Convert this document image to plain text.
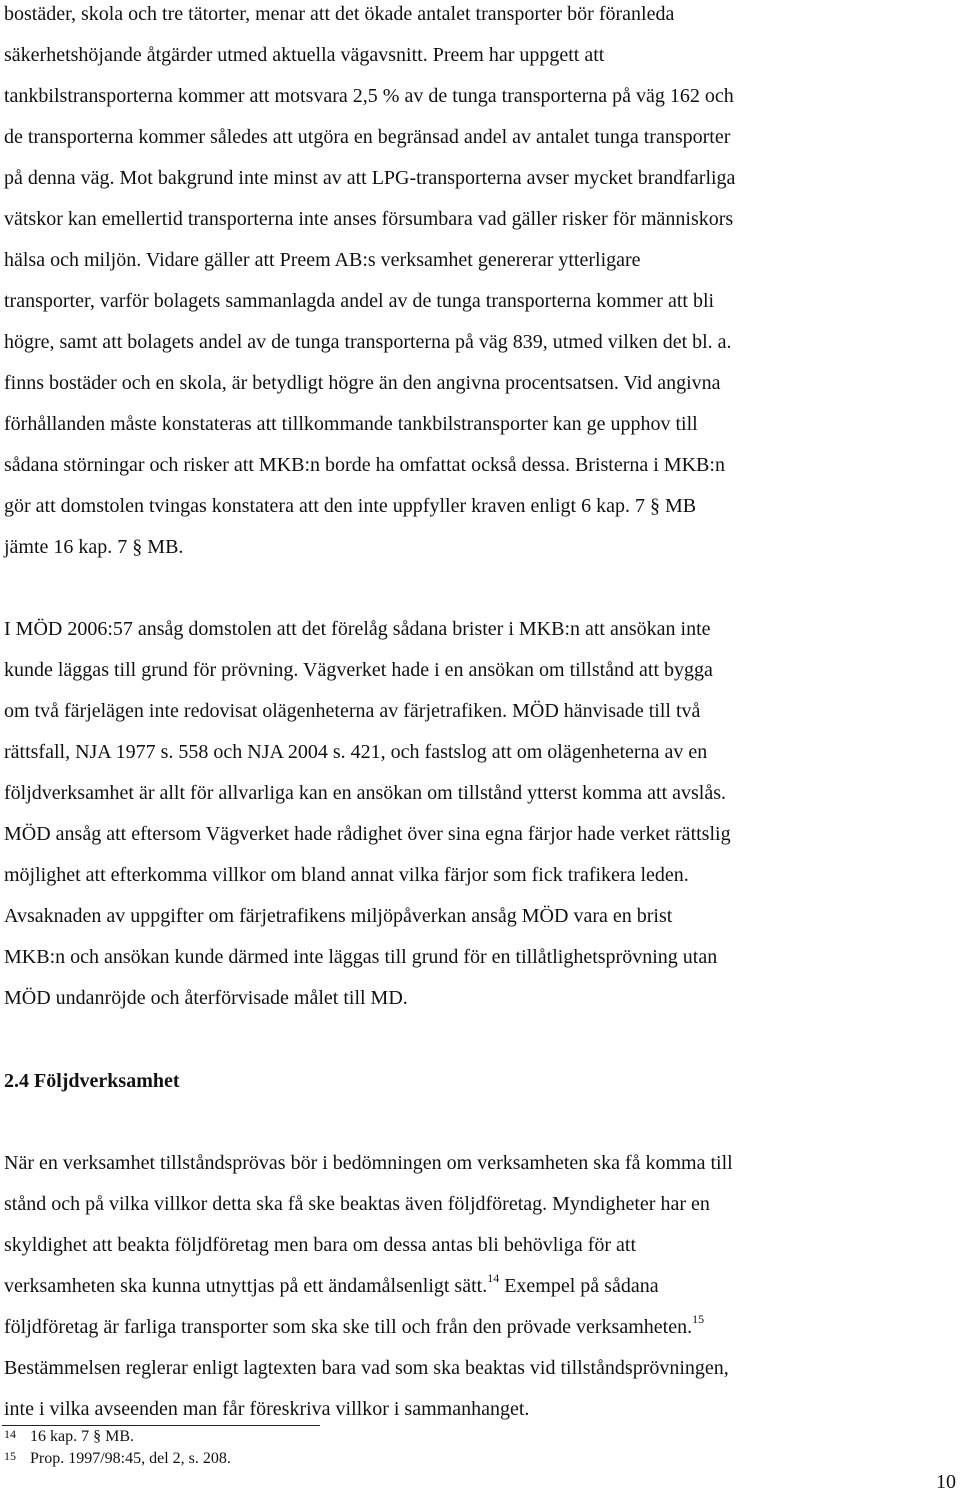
bostäder, skola och tre tätorter, menar att det ökade antalet transporter bör föranleda
säkerhetshöjande åtgärder utmed aktuella vägavsnitt. Preem har uppgett att
tankbilstransporterna kommer att motsvara 2,5 % av de tunga transporterna på väg 162 och
de transporterna kommer således att utgöra en begränsad andel av antalet tunga transporter
på denna väg. Mot bakgrund inte minst av att LPG-transporterna avser mycket brandfarliga
vätskor kan emellertid transporterna inte anses försumbara vad gäller risker för människors
hälsa och miljön. Vidare gäller att Preem AB:s verksamhet genererar ytterligare
transporter, varför bolagets sammanlagda andel av de tunga transporterna kommer att bli
högre, samt att bolagets andel av de tunga transporterna på väg 839, utmed vilken det bl. a.
finns bostäder och en skola, är betydligt högre än den angivna procentsatsen. Vid angivna
förhållanden måste konstateras att tillkommande tankbilstransporter kan ge upphov till
sådana störningar och risker att MKB:n borde ha omfattat också dessa. Bristerna i MKB:n
gör att domstolen tvingas konstatera att den inte uppfyller kraven enligt 6 kap. 7 § MB
jämte 16 kap. 7 § MB.
I MÖD 2006:57 ansåg domstolen att det förelåg sådana brister i MKB:n att ansökan inte
kunde läggas till grund för prövning. Vägverket hade i en ansökan om tillstånd att bygga
om två färjelägen inte redovisat olägenheterna av färjetrafiken. MÖD hänvisade till två
rättsfall, NJA 1977 s. 558 och NJA 2004 s. 421, och fastslog att om olägenheterna av en
följdverksamhet är allt för allvarliga kan en ansökan om tillstånd ytterst komma att avslås.
MÖD ansåg att eftersom Vägverket hade rådighet över sina egna färjor hade verket rättslig
möjlighet att efterkomma villkor om bland annat vilka färjor som fick trafikera leden.
Avsaknaden av uppgifter om färjetrafikens miljöpåverkan ansåg MÖD vara en brist
MKB:n och ansökan kunde därmed inte läggas till grund för en tillåtlighetsprövning utan
MÖD undanröjde och återförvisade målet till MD.
2.4 Följdverksamhet
När en verksamhet tillståndsprövas bör i bedömningen om verksamheten ska få komma till
stånd och på vilka villkor detta ska få ske beaktas även följdföretag. Myndigheter har en
skyldighet att beakta följdföretag men bara om dessa antas bli behövliga för att
verksamheten ska kunna utnyttjas på ett ändamålsenligt sätt.$^{14}$ Exempel på sådana
följdföretag är farliga transporter som ska ske till och från den prövade verksamheten.$^{15}$
Bestämmelsen reglerar enligt lagtexten bara vad som ska beaktas vid tillståndsprövningen,
inte i vilka avseenden man får föreskriva villkor i sammanhanget.
14 16 kap. 7 § MB.
15 Prop. 1997/98:45, del 2, s. 208.
10
